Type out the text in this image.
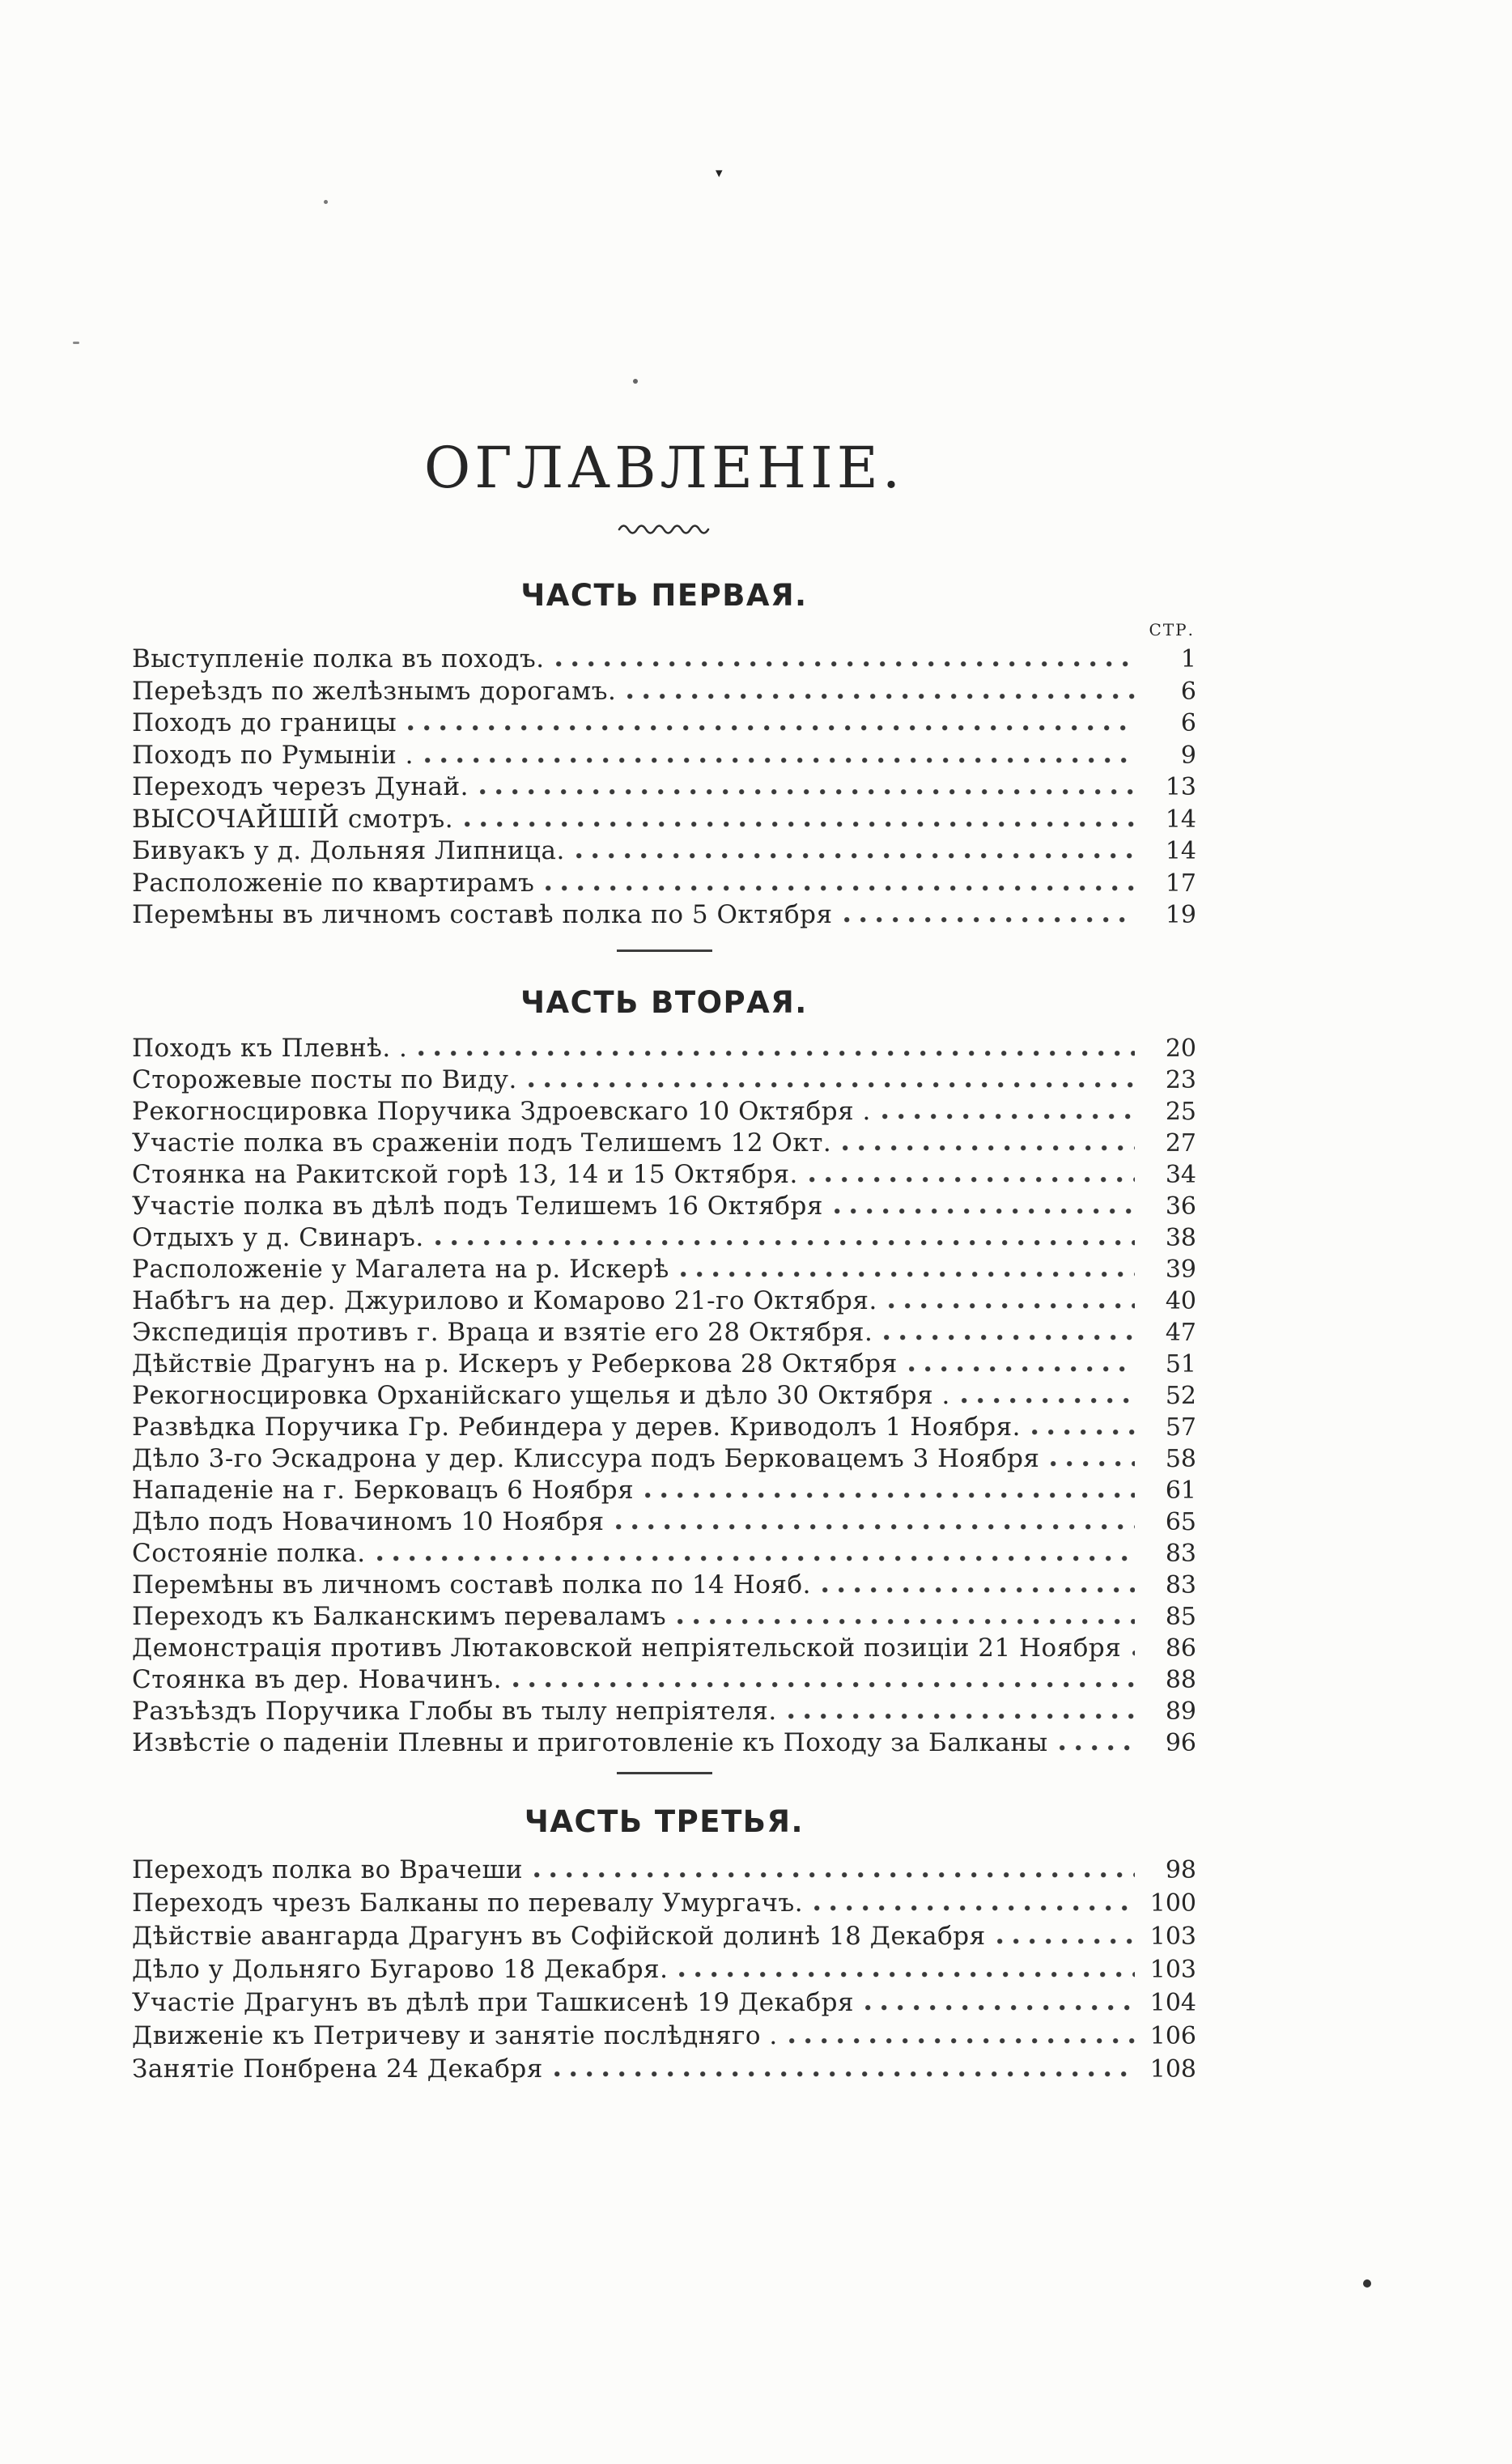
▾
ОГЛАВЛЕНІЕ.
ЧАСТЬ ПЕРВАЯ.
СТР.
Выступленіе полка въ походъ.	1
Переѣздъ по желѣзнымъ дорогамъ.	6
Походъ до границы	6
Походъ по Румыніи .	9
Переходъ черезъ Дунай.	13
ВЫСОЧАЙШІЙ смотръ.	14
Бивуакъ у д. Дольняя Липница.	14
Расположеніе по квартирамъ	17
Перемѣны въ личномъ составѣ полка по 5 Октября	19
ЧАСТЬ ВТОРАЯ.
Походъ къ Плевнѣ. .	20
Сторожевые посты по Виду.	23
Рекогносцировка Поручика Здроевскаго 10 Октября .	25
Участіе полка въ сраженіи подъ Телишемъ 12 Окт.	27
Стоянка на Ракитской горѣ 13, 14 и 15 Октября.	34
Участіе полка въ дѣлѣ подъ Телишемъ 16 Октября	36
Отдыхъ у д. Свинаръ.	38
Расположеніе у Магалета на р. Искерѣ	39
Набѣгъ на дер. Джурилово и Комарово 21-го Октября.	40
Экспедиція противъ г. Враца и взятіе его 28 Октября.	47
Дѣйствіе Драгунъ на р. Искеръ у Реберкова 28 Октября	51
Рекогносцировка Орханійскаго ущелья и дѣло 30 Октября .	52
Развѣдка Поручика Гр. Ребиндера у дерев. Криводолъ 1 Ноября.	57
Дѣло 3-го Эскадрона у дер. Клиссура подъ Берковацемъ 3 Ноября	58
Нападеніе на г. Берковацъ 6 Ноября	61
Дѣло подъ Новачиномъ 10 Ноября	65
Состояніе полка.	83
Перемѣны въ личномъ составѣ полка по 14 Нояб.	83
Переходъ къ Балканскимъ переваламъ	85
Демонстрація противъ Лютаковской непріятельской позиціи 21 Ноября	86
Стоянка въ дер. Новачинъ.	88
Разъѣздъ Поручика Глобы въ тылу непріятеля.	89
Извѣстіе о паденіи Плевны и приготовленіе къ Походу за Балканы	96
ЧАСТЬ ТРЕТЬЯ.
Переходъ полка во Врачеши	98
Переходъ чрезъ Балканы по перевалу Умургачъ.	100
Дѣйствіе авангарда Драгунъ въ Софійской долинѣ 18 Декабря	103
Дѣло у Дольняго Бугарово 18 Декабря.	103
Участіе Драгунъ въ дѣлѣ при Ташкисенѣ 19 Декабря	104
Движеніе къ Петричеву и занятіе послѣдняго .	106
Занятіе Понбрена 24 Декабря	108
